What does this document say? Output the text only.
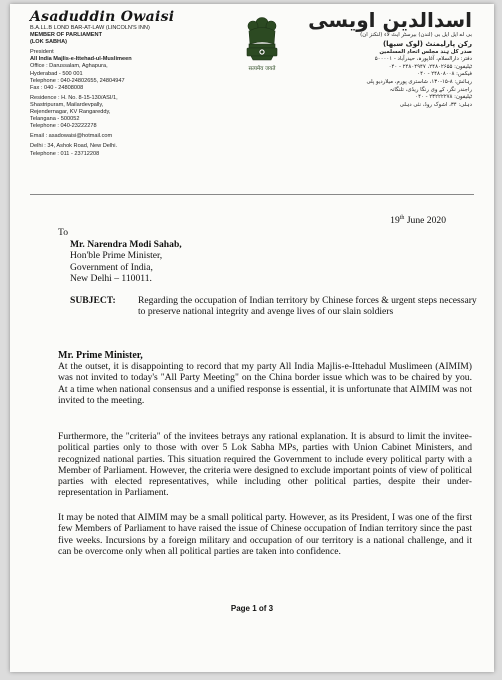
Asaduddin Owaisi
B.A.LL.B LOND BAR-AT-LAW (LINCOLN'S INN)
MEMBER OF PARLIAMENT
(LOK SABHA)
President
All India Majlis-e-Ittehad-ul-Muslimeen
Office : Darussalam, Aghapura,
Hyderabad - 500 001
Telephone : 040-24802655, 24804947
Fax : 040 - 24808008
Residence : H. No. 8-15-130/ASI/1,
Shastripuram, Mailardevpally,
Rejendernagar, KV Rangareddy,
Telangana - 500052
Telephone : 040-23222278
Email : asadowaisi@hotmail.com
Delhi : 34, Ashok Road, New Delhi.
Telephone : 011 - 23712208
सत्यमेव जयते
اسدالدین اویسی
بی اے ایل ایل بی (لندن) بیرسٹر ایٹ لاء (لنکنز ان)
رکن پارلیمنٹ (لوک سبھا)
صدر کل ہند مجلس اتحاد المسلمین
دفتر: دارالسلام، آغاپورہ، حیدرآباد - ۵۰۰۰۰۱
ٹیلیفون: ۲۴۸۰۲۶۵۵، ۲۴۸۰۴۹۴۷ - ۰۴۰
فیکس: ۲۴۸۰۸۰۰۸ - ۰۴۰
رہائش: ۸-۱۵-۱۳۰، شاستری پورم، میلاردیو پلی
راجندر نگر، کے وی رنگا ریڈی، تلنگانہ
ٹیلیفون: ۲۳۲۲۲۲۷۸ - ۰۴۰
دہلی: ۳۴، اشوک روڈ، نئی دہلی
19th June 2020
To
Mr. Narendra Modi Sahab,
Hon'ble Prime Minister,
Government of India,
New Delhi – 110011.
SUBJECT: Regarding the occupation of Indian territory by Chinese forces & urgent steps necessary to preserve national integrity and avenge lives of our slain soldiers
Mr. Prime Minister,
At the outset, it is disappointing to record that my party All India Majlis-e-Ittehadul Muslimeen (AIMIM) was not invited to today's "All Party Meeting" on the China border issue which was to be chaired by you. At a time when national consensus and a unified response is essential, it is unfortunate that AIMIM was not invited to the meeting.
Furthermore, the "criteria" of the invitees betrays any rational explanation. It is absurd to limit the invitee-political parties only to those with over 5 Lok Sabha MPs, parties with Union Cabinet Ministers, and recognized national parties. This situation required the Government to include every political party with a Member of Parliament. However, the criteria were designed to exclude important points of view of political parties with elected representatives, while including other political parties, despite their under-representation in Parliament.
It may be noted that AIMIM may be a small political party. However, as its President, I was one of the first few Members of Parliament to have raised the issue of Chinese occupation of Indian territory since the past five weeks. Incursions by a foreign military and occupation of our territory is a national challenge, and it can be overcome only when all political parties are taken into confidence.
Page 1 of 3
